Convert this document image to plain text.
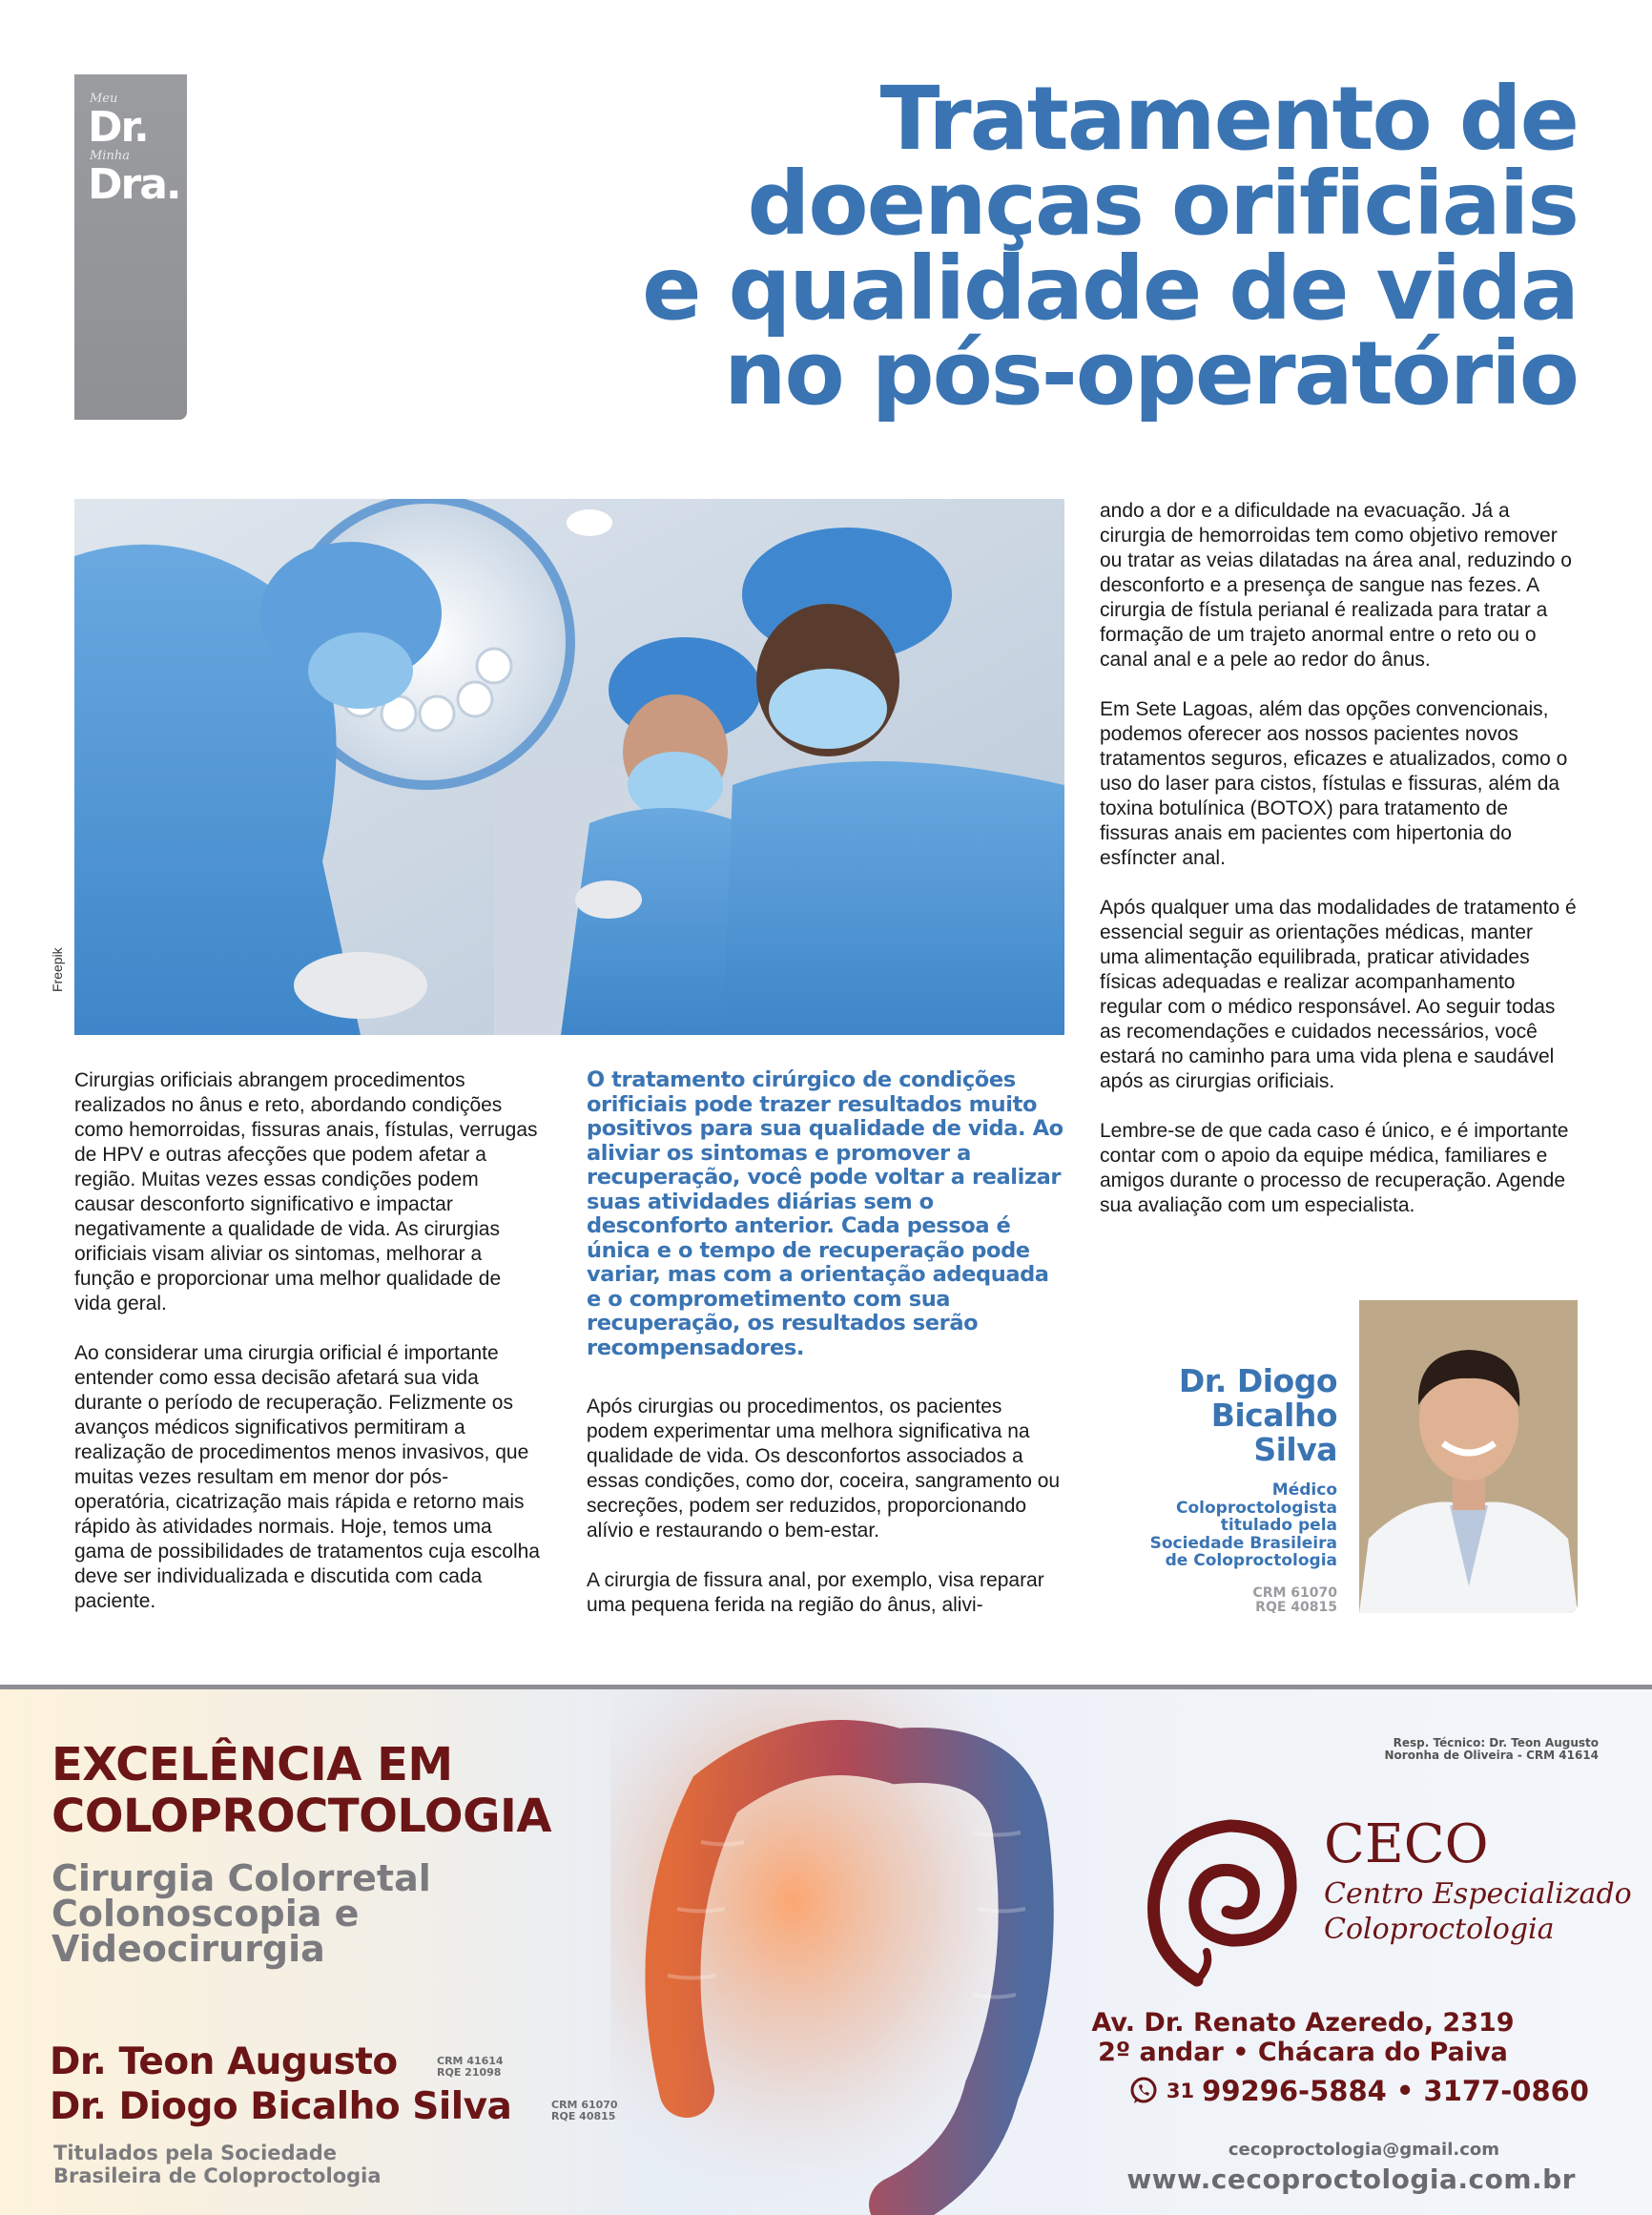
Meu
Dr.
Minha
Dra.
Tratamento de
doenças orificiais
e qualidade de vida
no pós-operatório
Freepik

Cirurgias orificiais abrangem procedimentos realizados no ânus e reto, abordando condições como hemorroidas, fissuras anais, fístulas, verrugas de HPV e outras afecções que podem afetar a região. Muitas vezes essas condições podem causar desconforto significativo e impactar negativamente a qualidade de vida. As cirurgias orificiais visam aliviar os sintomas, melhorar a função e proporcionar uma melhor qualidade de vida geral.

Ao considerar uma cirurgia orificial é importante entender como essa decisão afetará sua vida durante o período de recuperação. Felizmente os avanços médicos significativos permitiram a realização de procedimentos menos invasivos, que muitas vezes resultam em menor dor pós-operatória, cicatrização mais rápida e retorno mais rápido às atividades normais. Hoje, temos uma gama de possibilidades de tratamentos cuja escolha deve ser individualizada e discutida com cada paciente.

O tratamento cirúrgico de condições orificiais pode trazer resultados muito positivos para sua qualidade de vida. Ao aliviar os sintomas e promover a recuperação, você pode voltar a realizar suas atividades diárias sem o desconforto anterior. Cada pessoa é única e o tempo de recuperação pode variar, mas com a orientação adequada e o comprometimento com sua recuperação, os resultados serão recompensadores.

Após cirurgias ou procedimentos, os pacientes podem experimentar uma melhora significativa na qualidade de vida. Os desconfortos associados a essas condições, como dor, coceira, sangramento ou secreções, podem ser reduzidos, proporcionando alívio e restaurando o bem-estar.

A cirurgia de fissura anal, por exemplo, visa reparar uma pequena ferida na região do ânus, alivi-

ando a dor e a dificuldade na evacuação. Já a cirurgia de hemorroidas tem como objetivo remover ou tratar as veias dilatadas na área anal, reduzindo o desconforto e a presença de sangue nas fezes. A cirurgia de fístula perianal é realizada para tratar a formação de um trajeto anormal entre o reto ou o canal anal e a pele ao redor do ânus.

Em Sete Lagoas, além das opções convencionais, podemos oferecer aos nossos pacientes novos tratamentos seguros, eficazes e atualizados, como o uso do laser para cistos, fístulas e fissuras, além da toxina botulínica (BOTOX) para tratamento de fissuras anais em pacientes com hipertonia do esfíncter anal.

Após qualquer uma das modalidades de tratamento é essencial seguir as orientações médicas, manter uma alimentação equilibrada, praticar atividades físicas adequadas e realizar acompanhamento regular com o médico responsável. Ao seguir todas as recomendações e cuidados necessários, você estará no caminho para uma vida plena e saudável após as cirurgias orificiais.

Lembre-se de que cada caso é único, e é importante contar com o apoio da equipe médica, familiares e amigos durante o processo de recuperação. Agende sua avaliação com um especialista.

Dr. Diogo
Bicalho
Silva
Médico
Coloproctologista
titulado pela
Sociedade Brasileira
de Coloproctologia
CRM 61070
RQE 40815
EXCELÊNCIA EM
COLOPROCTOLOGIA
Cirurgia Colorretal
Colonoscopia e
Videocirurgia
Dr. Teon Augusto	CRM 41614
RQE 21098
Dr. Diogo Bicalho Silva	CRM 61070
RQE 40815
Titulados pela Sociedade
Brasileira de Coloproctologia
Resp. Técnico: Dr. Teon Augusto
Noronha de Oliveira - CRM 41614
CECO
Centro Especializado
Coloproctologia
Av. Dr. Renato Azeredo, 2319
2º andar • Chácara do Paiva
31 99296-5884 • 3177-0860
cecoproctologia@gmail.com
www.cecoproctologia.com.br
